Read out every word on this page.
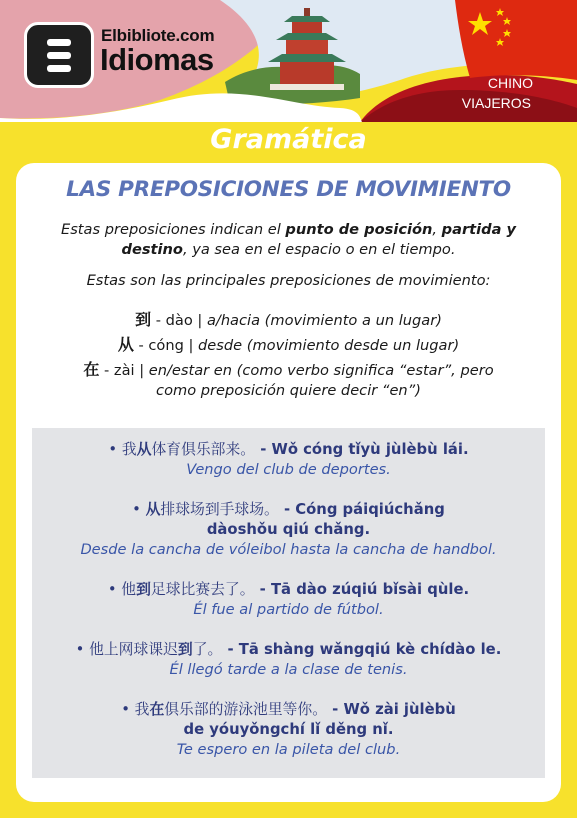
Elbibliote.com
Idiomas
CHINO
VIAJEROS
Gramática
LAS PREPOSICIONES DE MOVIMIENTO
Estas preposiciones indican el punto de posición, partida y
destino, ya sea en el espacio o en el tiempo.
Estas son las principales preposiciones de movimiento:
到 - dào | a/hacia (movimiento a un lugar)
从 - cóng | desde (movimiento desde un lugar)
在 - zài | en/estar en (como verbo significa “estar”, pero
como preposición quiere decir “en”)
• 我从体育俱乐部来。 - Wǒ cóng tǐyù jùlèbù lái.
Vengo del club de deportes.
• 从排球场到手球场。 - Cóng páiqiúchǎng
dàoshǒu qiú chǎng.
Desde la cancha de vóleibol hasta la cancha de handbol.
• 他到足球比赛去了。 - Tā dào zúqiú bǐsài qùle.
Él fue al partido de fútbol.
• 他上网球课迟到了。 - Tā shàng wǎngqiú kè chídào le.
Él llegó tarde a la clase de tenis.
• 我在俱乐部的游泳池里等你。 - Wǒ zài jùlèbù
de yóuyǒngchí lǐ děng nǐ.
Te espero en la pileta del club.
